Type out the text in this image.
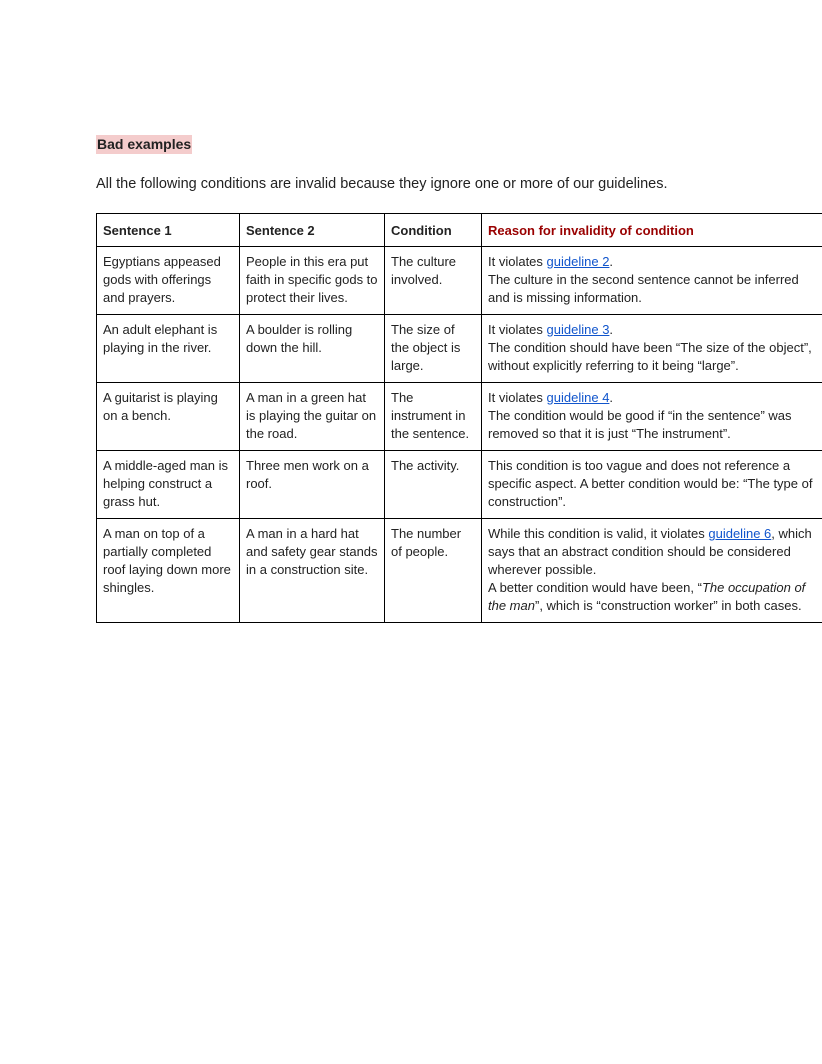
Bad examples
All the following conditions are invalid because they ignore one or more of our guidelines.
Sentence 1	Sentence 2	Condition	Reason for invalidity of condition
Egyptians appeased gods with offerings and prayers.	People in this era put faith in specific gods to protect their lives.	The culture involved.	It violates guideline 2.
The culture in the second sentence cannot be inferred and is missing information.

An adult elephant is playing in the river.	A boulder is rolling down the hill.	The size of the object is large.	It violates guideline 3.
The condition should have been “The size of the object”, without explicitly referring to it being “large”.

A guitarist is playing on a bench.	A man in a green hat is playing the guitar on the road.	The instrument in the sentence.	It violates guideline 4.
The condition would be good if “in the sentence” was removed so that it is just “The instrument”.

A middle-aged man is helping construct a grass hut.	Three men work on a roof.	The activity.	This condition is too vague and does not reference a specific aspect. A better condition would be: “The type of construction”.

A man on top of a partially completed roof laying down more shingles.	A man in a hard hat and safety gear stands in a construction site.	The number of people.	While this condition is valid, it violates guideline 6, which says that an abstract condition should be considered wherever possible.
A better condition would have been, “The occupation of the man”, which is “construction worker” in both cases.
